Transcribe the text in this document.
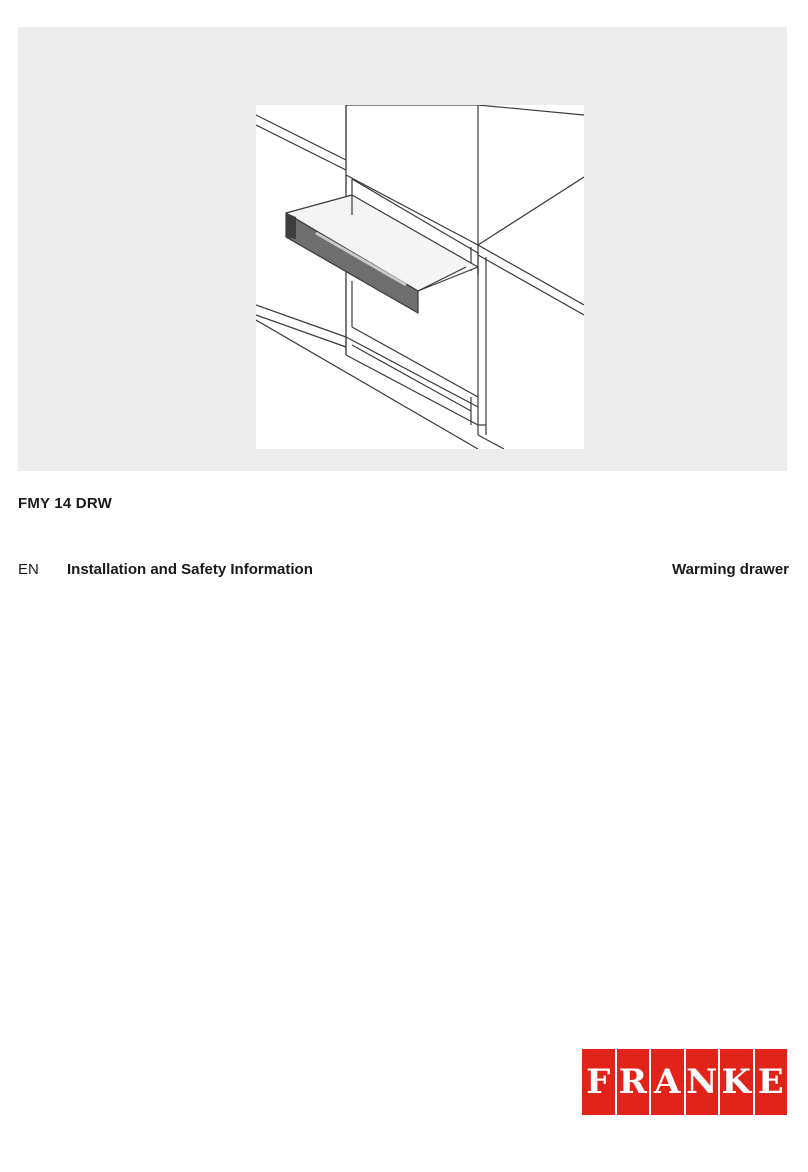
FMY 14 DRW
EN Installation and Safety Information	Warming drawer
F R A N K E
